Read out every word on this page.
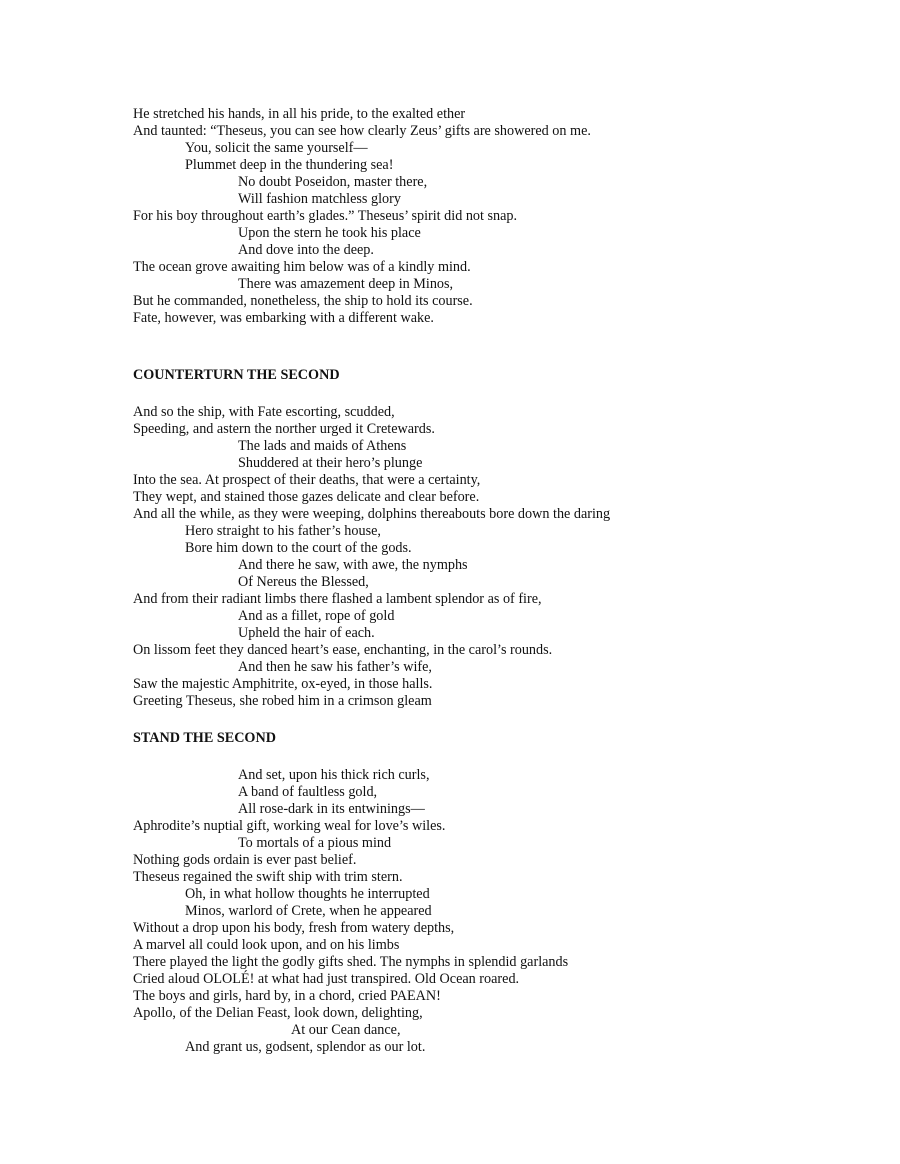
He stretched his hands, in all his pride, to the exalted ether
And taunted: “Theseus, you can see how clearly Zeus’ gifts are showered on me.
You, solicit the same yourself—
Plummet deep in the thundering sea!
No doubt Poseidon, master there,
Will fashion matchless glory
For his boy throughout earth’s glades.” Theseus’ spirit did not snap.
Upon the stern he took his place
And dove into the deep.
The ocean grove awaiting him below was of a kindly mind.
There was amazement deep in Minos,
But he commanded, nonetheless, the ship to hold its course.
Fate, however, was embarking with a different wake.
COUNTERTURN THE SECOND
And so the ship, with Fate escorting, scudded,
Speeding, and astern the norther urged it Cretewards.
The lads and maids of Athens
Shuddered at their hero’s plunge
Into the sea. At prospect of their deaths, that were a certainty,
They wept, and stained those gazes delicate and clear before.
And all the while, as they were weeping, dolphins thereabouts bore down the daring
Hero straight to his father’s house,
Bore him down to the court of the gods.
And there he saw, with awe, the nymphs
Of Nereus the Blessed,
And from their radiant limbs there flashed a lambent splendor as of fire,
And as a fillet, rope of gold
Upheld the hair of each.
On lissom feet they danced heart’s ease, enchanting, in the carol’s rounds.
And then he saw his father’s wife,
Saw the majestic Amphitrite, ox-eyed, in those halls.
Greeting Theseus, she robed him in a crimson gleam
STAND THE SECOND
And set, upon his thick rich curls,
A band of faultless gold,
All rose-dark in its entwinings—
Aphrodite’s nuptial gift, working weal for love’s wiles.
To mortals of a pious mind
Nothing gods ordain is ever past belief.
Theseus regained the swift ship with trim stern.
Oh, in what hollow thoughts he interrupted
Minos, warlord of Crete, when he appeared
Without a drop upon his body, fresh from watery depths,
A marvel all could look upon, and on his limbs
There played the light the godly gifts shed. The nymphs in splendid garlands
Cried aloud OLOLÉ! at what had just transpired. Old Ocean roared.
The boys and girls, hard by, in a chord, cried PAEAN!
Apollo, of the Delian Feast, look down, delighting,
At our Cean dance,
And grant us, godsent, splendor as our lot.
